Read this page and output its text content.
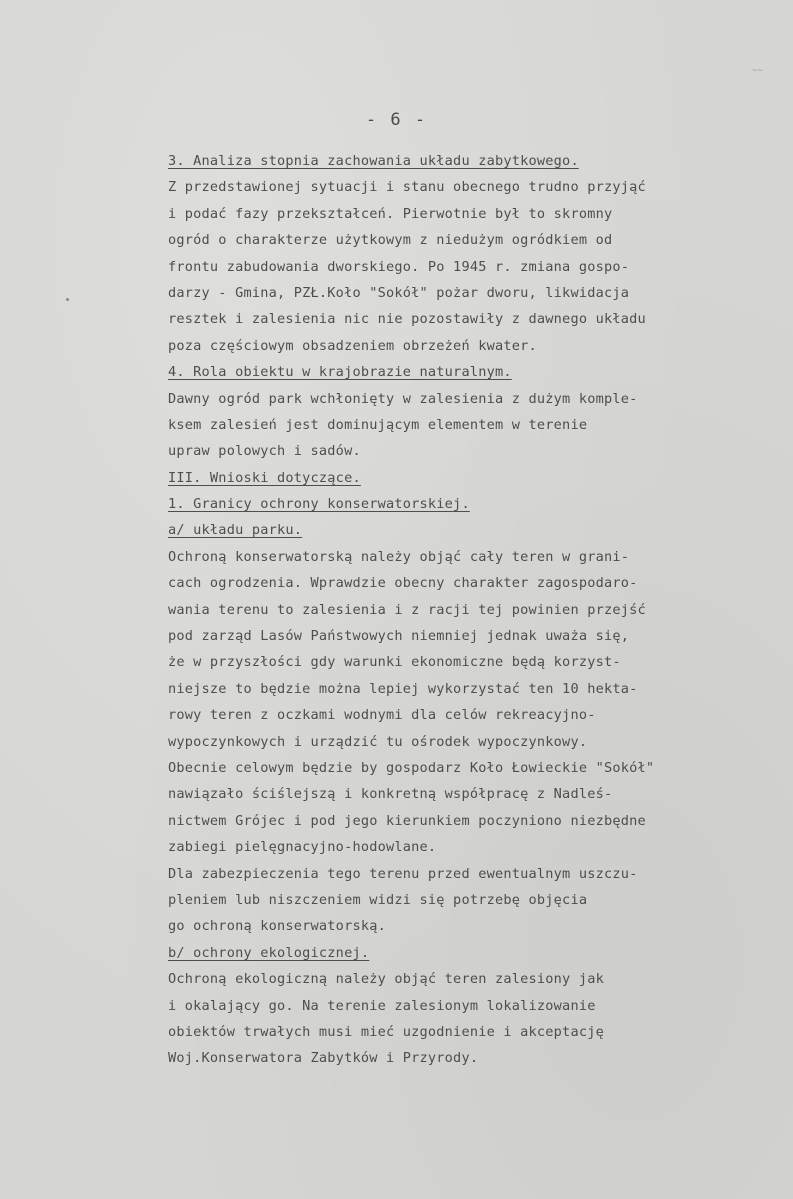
~~
- 6 -
3. Analiza stopnia zachowania układu zabytkowego.
Z przedstawionej sytuacji i stanu obecnego trudno przyjąć
i podać fazy przekształceń. Pierwotnie był to skromny
ogród o charakterze użytkowym z niedużym ogródkiem od
frontu zabudowania dworskiego. Po 1945 r. zmiana gospo-
darzy - Gmina, PZŁ.Koło "Sokół" pożar dworu, likwidacja
resztek i zalesienia nic nie pozostawiły z dawnego układu
poza częściowym obsadzeniem obrzeżeń kwater.
4. Rola obiektu w krajobrazie naturalnym.
Dawny ogród park wchłonięty w zalesienia z dużym komple-
ksem zalesień jest dominującym elementem w terenie
upraw polowych i sadów.
III. Wnioski dotyczące.
1. Granicy ochrony konserwatorskiej.
a/ układu parku.
Ochroną konserwatorską należy objąć cały teren w grani-
cach ogrodzenia. Wprawdzie obecny charakter zagospodaro-
wania terenu to zalesienia i z racji tej powinien przejść
pod zarząd Lasów Państwowych niemniej jednak uważa się,
że w przyszłości gdy warunki ekonomiczne będą korzyst-
niejsze to będzie można lepiej wykorzystać ten 10 hekta-
rowy teren z oczkami wodnymi dla celów rekreacyjno-
wypoczynkowych i urządzić tu ośrodek wypoczynkowy.
Obecnie celowym będzie by gospodarz Koło Łowieckie "Sokół"
nawiązało ściślejszą i konkretną współpracę z Nadleś-
nictwem Grójec i pod jego kierunkiem poczyniono niezbędne
zabiegi pielęgnacyjno-hodowlane.
Dla zabezpieczenia tego terenu przed ewentualnym uszczu-
pleniem lub niszczeniem widzi się potrzebę objęcia
go ochroną konserwatorską.
b/ ochrony ekologicznej.
Ochroną ekologiczną należy objąć teren zalesiony jak
i okalający go. Na terenie zalesionym lokalizowanie
obiektów trwałych musi mieć uzgodnienie i akceptację
Woj.Konserwatora Zabytków i Przyrody.
